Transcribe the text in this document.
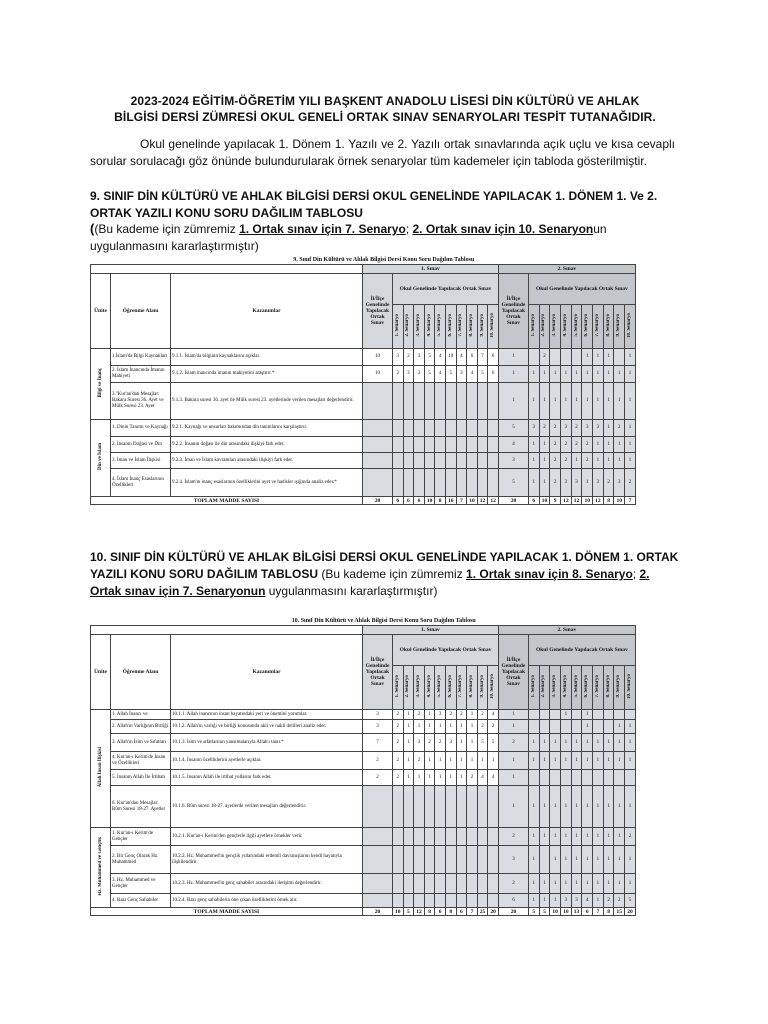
2023-2024 EĞİTİM-ÖĞRETİM YILI BAŞKENT ANADOLU LİSESİ DİN KÜLTÜRÜ VE AHLAK
BİLGİSİ DERSİ ZÜMRESİ OKUL GENELİ ORTAK SINAV SENARYOLARI TESPİT TUTANAĞIDIR.
Okul genelinde yapılacak 1. Dönem 1. Yazılı ve 2. Yazılı ortak sınavlarında açık uçlu ve kısa cevaplı sorular sorulacağı göz önünde bulundurularak örnek senaryolar tüm kademeler için tabloda gösterilmiştir.
9. SINIF DİN KÜLTÜRÜ VE AHLAK BİLGİSİ DERSİ OKUL GENELİNDE YAPILACAK 1. DÖNEM 1. Ve 2. ORTAK YAZILI KONU SORU DAĞILIM TABLOSU
((Bu kademe için zümremiz 1. Ortak sınav için 7. Senaryo; 2. Ortak sınav için 10. Senaryonun uygulanmasını kararlaştırmıştır)
9. Sınıf Din Kültürü ve Ahlak Bilgisi Dersi Konu Soru Dağılım Tablosu																								
			1. Sınav											2. Sınav										
Ünite	Öğrenme Alanı	Kazanımlar	İl/İlçe Genelinde Yapılacak Ortak Sınav	Okul Genelinde Yapılacak Ortak Sınav										İl/İlçe Genelinde Yapılacak Ortak Sınav	Okul Genelinde Yapılacak Ortak Sınav									
				1. Senaryo	2. Senaryo	3. Senaryo	4. Senaryo	5. Senaryo	6. Senaryo	7. Senaryo	8. Senaryo	9. Senaryo	10. Senaryo		1. Senaryo	2. Senaryo	3. Senaryo	4. Senaryo	5. Senaryo	6. Senaryo	7. Senaryo	8. Senaryo	9. Senaryo	10. Senaryo
Bilgi ve İnanç	1.İslam'da Bilgi Kaynakları	9.1.1. İslam'da bilginin kaynaklarını açıklar.	10	3	2	3	5	4	10	4	6	7	6	1		2				1	1	1		1
	2. İslam İnancında İmanın Mahiyeti	9.1.2. İslam inancında imanın mahiyetini araştırır.*	10	2	3	3	5	4	5	3	4	5	6	1	1	1	1	1	1	1	1	1	1	1
	3."Kur'an'dan Mesajlar: Bakara Suresi 36. Ayet ve Mülk Suresi 23. Ayet	9.1.3. Bakara suresi 36. ayet ile Mülk suresi 23. ayetlerinde verilen mesajları değerlendirir.												1	1	1	1	1	1	1	1	1	1	1
Din ve İslam	1. Dinin Tanımı ve Kaynağı	9.2.1. Kaynağı ve unsurları bakımından din tanımlarını karşılaştırır.												5	3	2	2	3	2	3	3	1	2	1
	2. İnsanın Doğası ve Din	9.2.2. İnsanın doğası ile din arasındaki ilişkiyi fark eder.												4	1	1	2	2	2	2	1	1	1	1
	3. İman ve İslam İlişkisi	9.2.3. İman ve İslam kavramları arasındaki ilişkiyi fark eder.												3	1	1	2	2	1	2	1	1	1	1
	4. İslam İnanç Esaslarının Özellikleri	9.2.4. İslam'ın inanç esaslarının özelliklerini ayet ve hadisler ışığında analiz eder.*												5	1	1	2	3	3	1	3	2	3	2
TOPLAM MADDE SAYISI			20	6	6	6	10	8	16	7	10	12	12	20	6	10	9	12	12	10	12	8	10	7
10. SINIF DİN KÜLTÜRÜ VE AHLAK BİLGİSİ DERSİ OKUL GENELİNDE YAPILACAK 1. DÖNEM 1. ORTAK YAZILI KONU SORU DAĞILIM TABLOSU (Bu kademe için zümremiz 1. Ortak sınav için 8. Senaryo; 2. Ortak sınav için 7. Senaryonun uygulanmasını kararlaştırmıştır)
10. Sınıf Din Kültürü ve Ahlak Bilgisi Dersi Konu Soru Dağılım Tablosu																								
			1. Sınav											2. Sınav										
Ünite	Öğrenme Alanı	Kazanımlar	İl/İlçe Genelinde Yapılacak Ortak Sınav	Okul Genelinde Yapılacak Ortak Sınav										İl/İlçe Genelinde Yapılacak Ortak Sınav	Okul Genelinde Yapılacak Ortak Sınav									
				1. Senaryo	2. Senaryo	3. Senaryo	4. Senaryo	5. Senaryo	6. Senaryo	7. Senaryo	8. Senaryo	9. Senaryo	10. Senaryo		1. Senaryo	2. Senaryo	3. Senaryo	4. Senaryo	5. Senaryo	6. Senaryo	7. Senaryo	8. Senaryo	9. Senaryo	10. Senaryo
Allah İnsan İlişkisi	1. Allah İnancı ve	10.1.1. Allah inancının insan hayatındaki yeri ve önemini yorumlar.	3	2	1	2	1	3	2	2	1	2	4	1				1		1				
	2. Allah'ın Varlığının Birliği	10.1.2. Allah'ın varlığı ve birliği konusunda akli ve nakli delilleri analiz eder.	3	2	1	1	1	1	1	1	1	2	2	1						1			1	1
	3. Allah'ın İsim ve Sıfatları	10.1.3. İsim ve sıfatlarının yansımalarıyla Allah'ı tanır.*	7	2	1	3	2	2	3	1	1	5	5	2	1	1	1	1	1	1	1	1	1	1
	4. Kur'an-ı Kerim'de İnsan ve Özellikleri	10.1.4. İnsanın özelliklerini ayetlerle açıklar.	2	2	1	2	1	1	1	1	1	1	1	1	1	1	1	1	1	1	1	1	1	1
	5. İnsanın Allah İle İrtibatı	10.1.5. İnsanın Allah ile irtibat yollarını fark eder.	2	2	1	1	1	1	1	1	2	4	4	1										
	6. Kur'an'dan Mesajlar: Rûm Suresi 18-27. Ayetler	10.1.6. Rûm suresi 18-27. ayetlerde verilen mesajları değerlendirir.												1	1	1	1	1	1	1	1	1	1	1
Hz. Muhammed ve Gençlik	1. Kur'an-ı Kerim'de Gençler	10.2.1. Kur'an-ı Kerim'den gençlerle ilgili ayetlere örnekler verir.												2	1	1	1	1	1	1	1	1	1	2
	2. Bir Genç Olarak Hz. Muhammed	10.2.2. Hz. Muhammed'in gençlik yıllarındaki erdemli davranışlarını kendi hayatıyla ilişkilendirir.												3	1		1	1	1	1	1	1	1	1
	3. Hz. Muhammed ve Gençler	10.2.3. Hz. Muhammed'in genç sahabiler arasındaki iletişimi değerlendirir.												2	1	1	1	1	1	1	1	1	1	1
	4. Bazı Genç Sahabiler	10.2.4. Bazı genç sahabilerin öne çıkan özelliklerini örnek alır.												6	1	1	1	3	3	4	1	2	2	5
TOPLAM MADDE SAYISI			20	10	5	12	8	6	8	6	7	25	20	20	5	5	10	10	13	6	7	8	15	20
